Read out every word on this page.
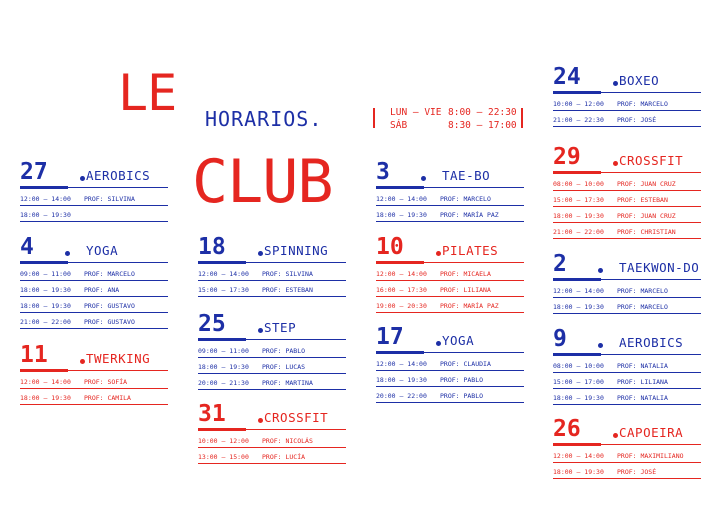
LE
CLUB
HORARIOS.	LUN — VIE 8:00 — 22:30
SÁB	8:30 — 17:00
27	AEROBICS
12:00 — 14:00 PROF: SILVINA
18:00 — 19:30
4	YOGA
09:00 — 11:00 PROF: MARCELO
18:00 — 19:30 PROF: ANA
18:00 — 19:30 PROF: GUSTAVO
21:00 — 22:00 PROF: GUSTAVO
11	TWERKING
12:00 — 14:00 PROF: SOFÍA
18:00 — 19:30 PROF: CAMILA
18	SPINNING
12:00 — 14:00 PROF: SILVINA
15:00 — 17:30 PROF: ESTEBAN
25	STEP
09:00 — 11:00 PROF: PABLO
18:00 — 19:30 PROF: LUCAS
20:00 — 21:30 PROF: MARTINA
31	CROSSFIT
10:00 — 12:00 PROF: NICOLÁS
13:00 — 15:00 PROF: LUCÍA
3	TAE-BO
12:00 — 14:00 PROF: MARCELO
18:00 — 19:30 PROF: MARÍA PAZ
10	PILATES
12:00 — 14:00 PROF: MICAELA
16:00 — 17:30 PROF: LILIANA
19:00 — 20:30 PROF: MARÍA PAZ
17	YOGA
12:00 — 14:00 PROF: CLAUDIA
18:00 — 19:30 PROF: PABLO
20:00 — 22:00 PROF: PABLO
24	BOXEO
10:00 — 12:00 PROF: MARCELO
21:00 — 22:30 PROF: JOSÉ
29	CROSSFIT
08:00 — 10:00 PROF: JUAN CRUZ
15:00 — 17:30 PROF: ESTEBAN
18:00 — 19:30 PROF: JUAN CRUZ
21:00 — 22:00 PROF: CHRISTIAN
2	TAEKWON-DO
12:00 — 14:00 PROF: MARCELO
18:00 — 19:30 PROF: MARCELO
9	AEROBICS
08:00 — 10:00 PROF: NATALIA
15:00 — 17:00 PROF: LILIANA
18:00 — 19:30 PROF: NATALIA
26	CAPOEIRA
12:00 — 14:00 PROF: MAXIMILIANO
18:00 — 19:30 PROF: JOSÉ
